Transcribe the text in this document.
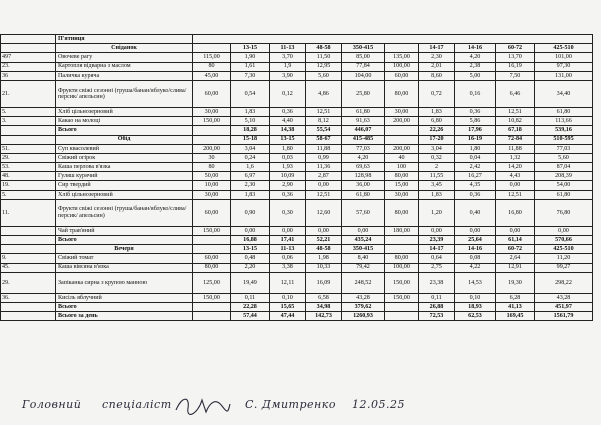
	П'ятниця										
	Сніданок		13-15	11-13	48-58	350-415		14-17	14-16	60-72	425-510
497	Овочеве рагу	115,00	1,90	3,70	11,50	85,00	135,00	2,30	4,20	13,70	101,00
23.	Картопля відварна з маслом	80	1,61	1,9	12,95	77,84	100,00	2,01	2,38	16,19	97,30
36	Паличка куряча	45,00	7,30	3,90	5,60	104,00	60,00	8,60	5,00	7,50	131,00
21.	Фрукти свіжі сезонні (груша/банан/яблуко/слива/персик/ апельсин)	60,00	0,54	0,12	4,86	25,80	80,00	0,72	0,16	6,46	34,40
5.	Хліб цільнозерновий	30,00	1,83	0,36	12,51	61,80	30,00	1,83	0,36	12,51	61,80
3.	Какао на молоці	150,00	5,10	4,40	8,12	91,63	200,00	6,80	5,86	10,82	113,66
	Всього		18,28	14,38	55,54	446,07		22,26	17,96	67,18	539,16
	Обід		15-18	13-15	58-67	415-485		17-20	16-19	72-84	510-595
51.	Суп квасолевий	200,00	3,04	1,80	11,88	77,03	200,00	3,04	1,80	11,88	77,03
29.	Свіжий огірок	30	0,24	0,03	0,99	4,20	40	0,32	0,04	1,32	5,60
53.	Каша перлова в'язка	80	1,6	1,93	11,36	69,63	100	2	2,42	14,20	87,04
48.	Гуляш курячий	50,00	6,97	10,09	2,87	128,98	80,00	11,55	16,27	4,43	208,39
19.	Сир твердий	10,00	2,30	2,90	0,00	36,00	15,00	3,45	4,35	0,00	54,00
5.	Хліб цільнозерновий	30,00	1,83	0,36	12,51	61,80	30,00	1,83	0,36	12,51	61,80
11.	Фрукти свіжі сезонні (груша/банан/яблуко/слива/персик/ апельсин)	60,00	0,90	0,30	12,60	57,60	80,00	1,20	0,40	16,80	76,80
	Чай трав'яний	150,00	0,00	0,00	0,00	0,00	180,00	0,00	0,00	0,00	0,00
	Всього		16,88	17,41	52,21	435,24		23,39	25,64	61,14	570,66
	Вечеря		13-15	11-13	48-58	350-415		14-17	14-16	60-72	425-510
9.	Свіжий томат	60,00	0,48	0,06	1,98	8,40	80,00	0,64	0,08	2,64	11,20
45.	Каша вівсяна в'язка	80,00	2,20	3,38	10,33	79,42	100,00	2,75	4,22	12,91	99,27
29.	Запіканка сирна з крупою манною	125,00	19,49	12,11	16,09	248,52	150,00	23,38	14,53	19,30	298,22
36.	Кисіль яблучний	150,00	0,11	0,10	6,58	43,28	150,00	0,11	0,10	6,28	43,28
	Всього		22,28	15,65	34,98	379,62		26,88	18,93	41,13	451,97
	Всього за день		57,44	47,44	142,73	1260,93		72,53	62,53	169,45	1561,79
Головний спеціаліст	С. Дмитренко 12.05.25
